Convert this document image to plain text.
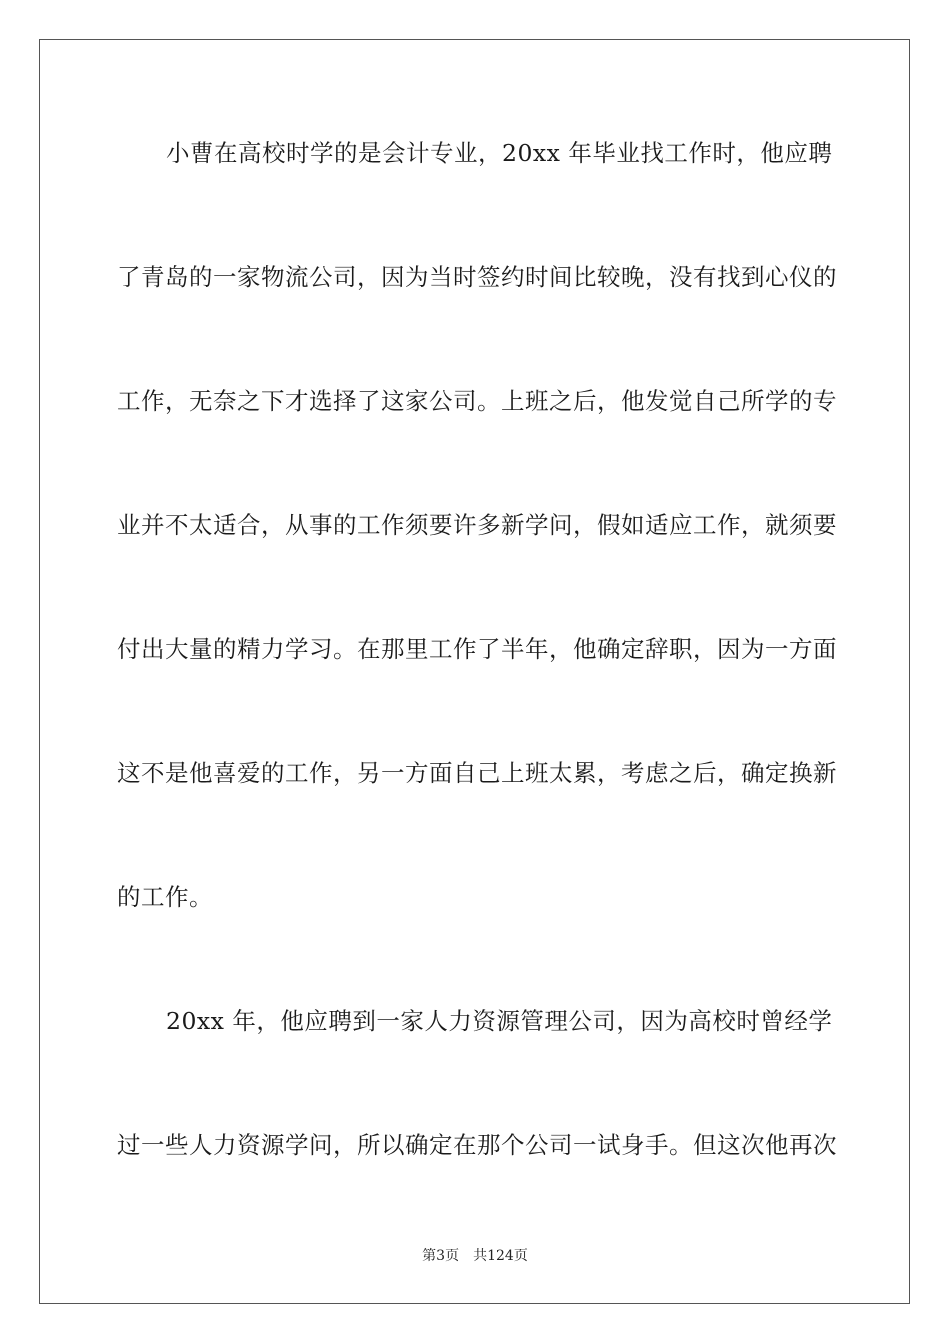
小曹在高校时学的是会计专业，20xx 年毕业找工作时，他应聘
了青岛的一家物流公司，因为当时签约时间比较晚，没有找到心仪的
工作，无奈之下才选择了这家公司。上班之后，他发觉自己所学的专
业并不太适合，从事的工作须要许多新学问，假如适应工作，就须要
付出大量的精力学习。在那里工作了半年，他确定辞职，因为一方面
这不是他喜爱的工作，另一方面自己上班太累，考虑之后，确定换新
的工作。
20xx 年，他应聘到一家人力资源管理公司，因为高校时曾经学
过一些人力资源学问，所以确定在那个公司一试身手。但这次他再次
第3页 共124页
